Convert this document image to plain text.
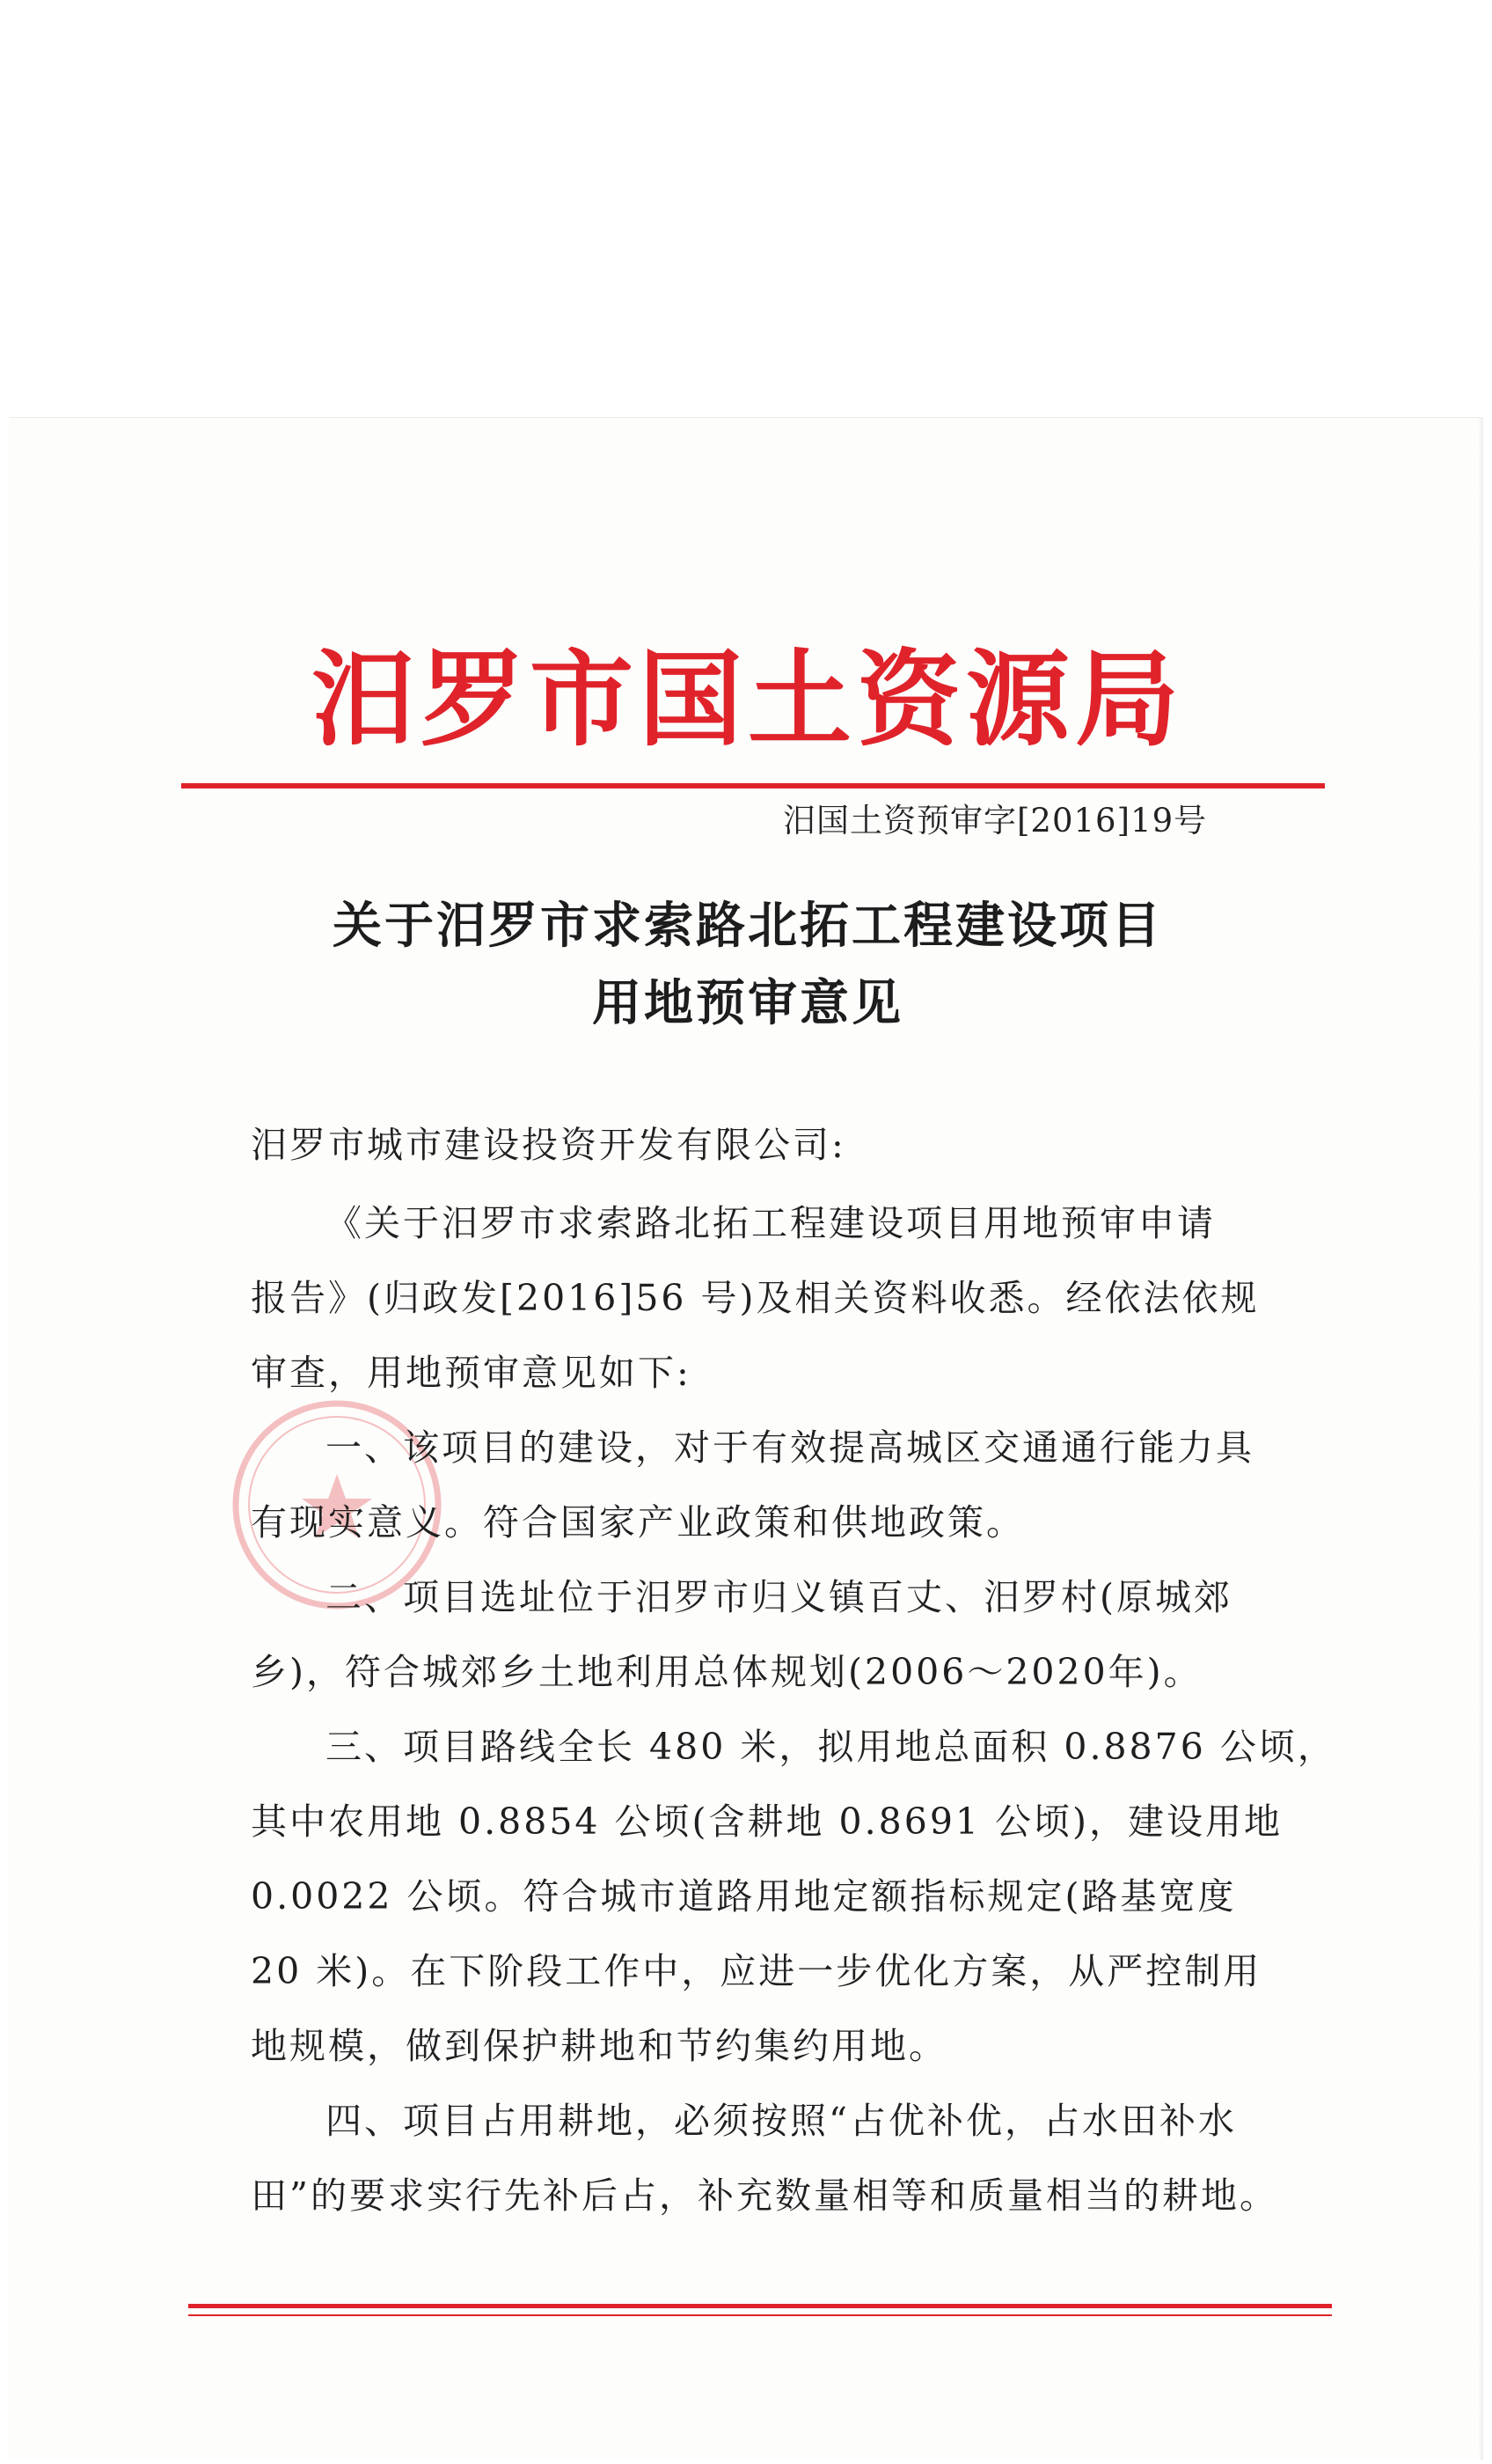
汨罗市国土资源局
汨国土资预审字[2016]19号
关于汨罗市求索路北拓工程建设项目
用地预审意见
汨罗市城市建设投资开发有限公司:
《关于汨罗市求索路北拓工程建设项目用地预审申请
报告》(归政发[2016]56 号)及相关资料收悉。经依法依规
审查，用地预审意见如下:
一、该项目的建设，对于有效提高城区交通通行能力具
有现实意义。符合国家产业政策和供地政策。
二、项目选址位于汨罗市归义镇百丈、汨罗村(原城郊
乡)，符合城郊乡土地利用总体规划(2006～2020年)。
三、项目路线全长 480 米，拟用地总面积 0.8876 公顷，
其中农用地 0.8854 公顷(含耕地 0.8691 公顷)，建设用地
0.0022 公顷。符合城市道路用地定额指标规定(路基宽度
20 米)。在下阶段工作中，应进一步优化方案，从严控制用
地规模，做到保护耕地和节约集约用地。
四、项目占用耕地，必须按照“占优补优，占水田补水
田”的要求实行先补后占，补充数量相等和质量相当的耕地。
